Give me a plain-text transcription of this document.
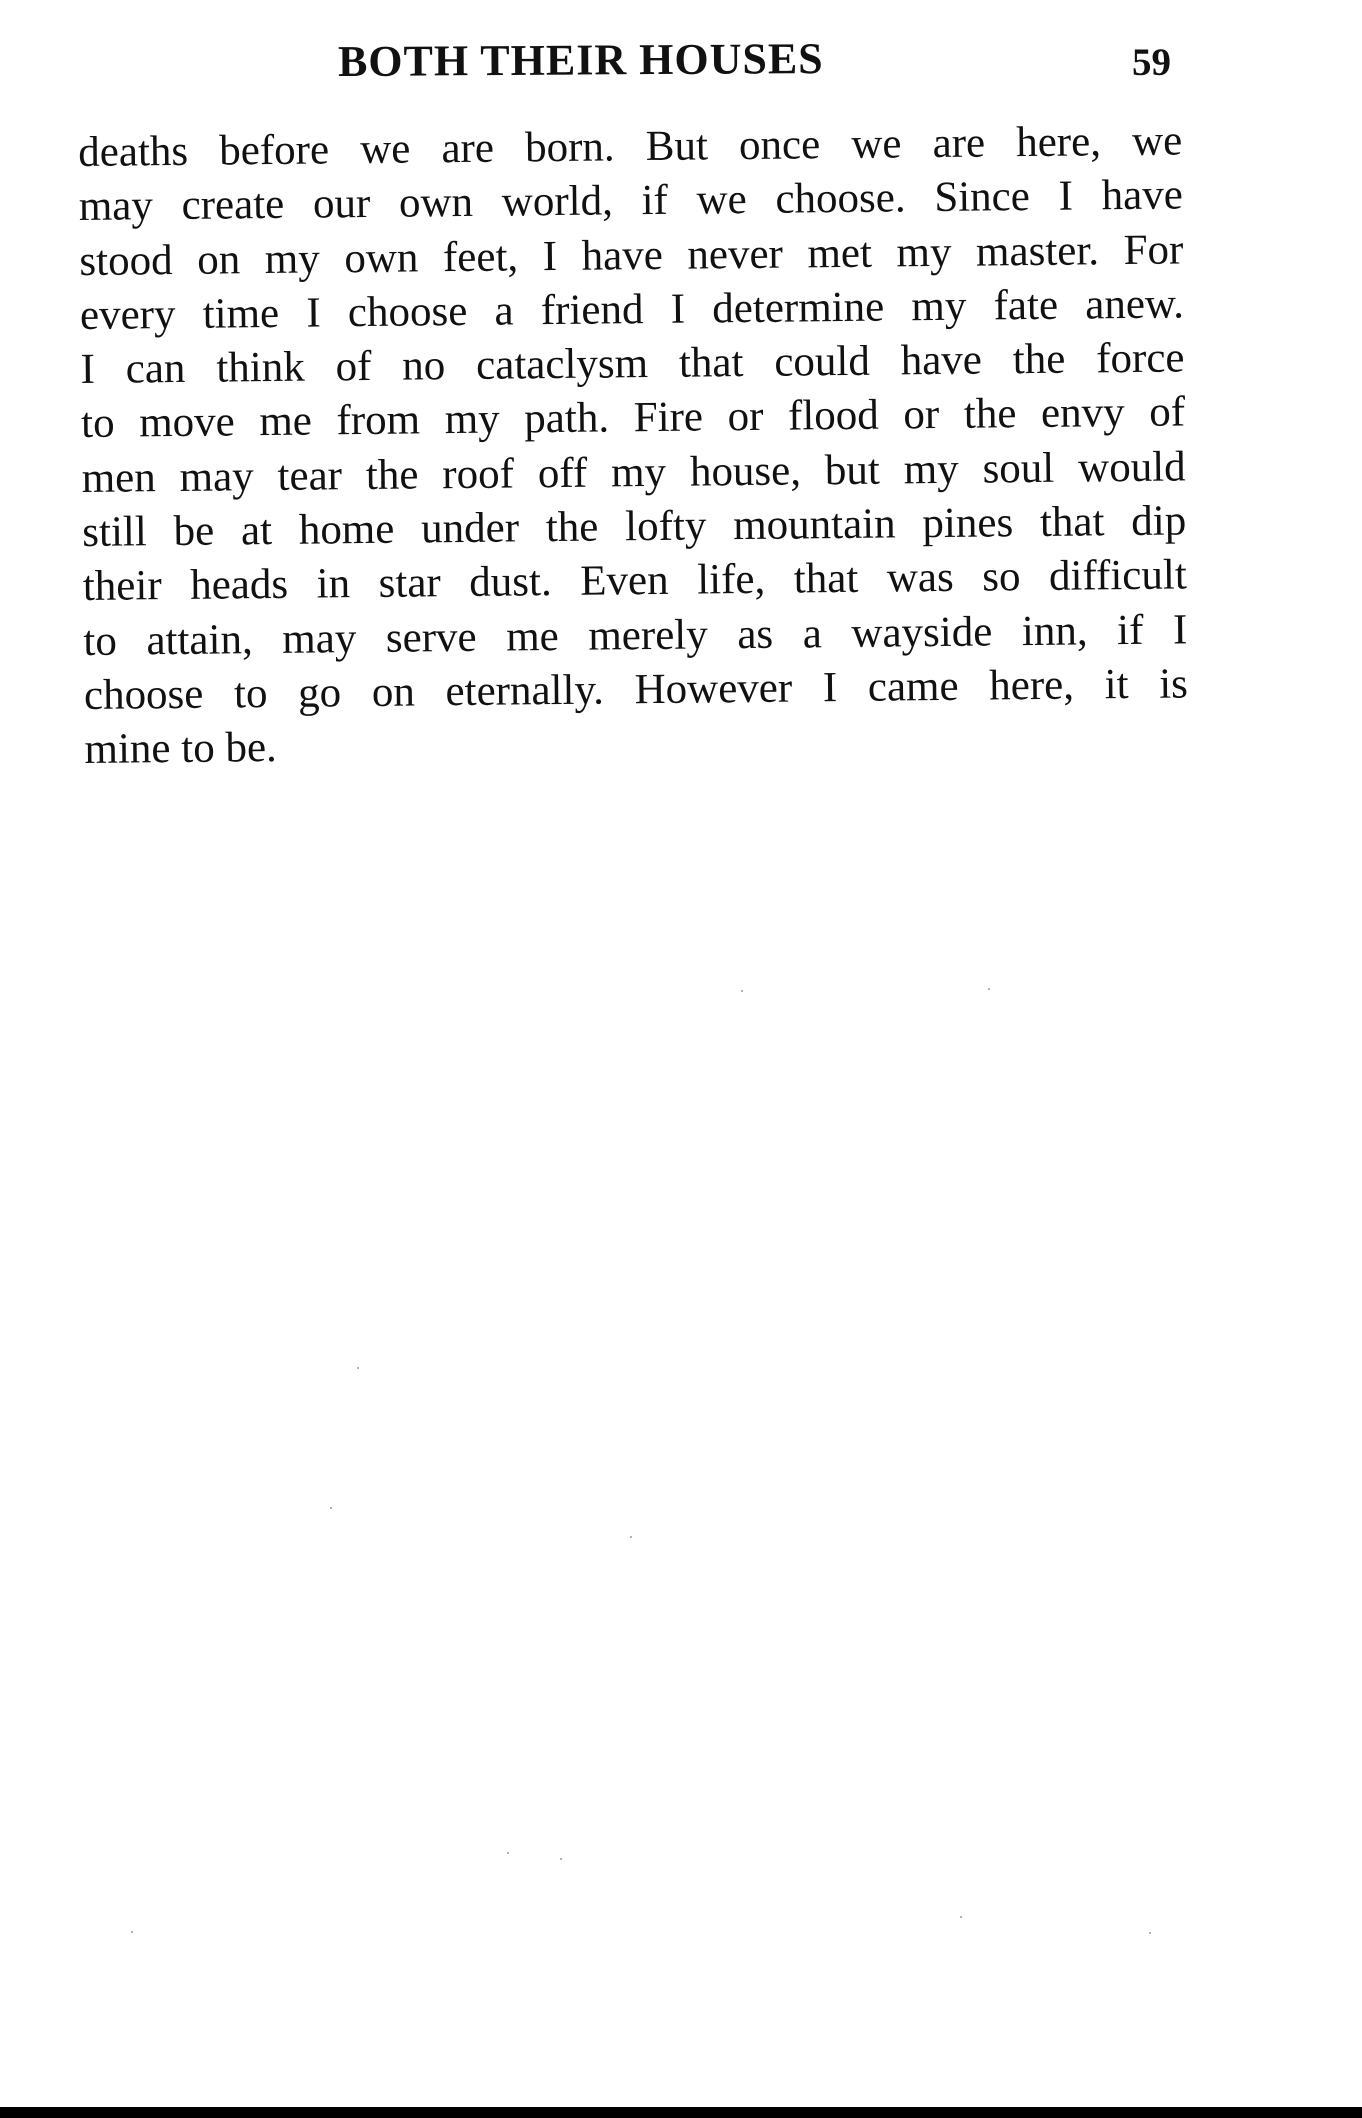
BOTH THEIR HOUSES	59
deaths before we are born. But once we are here, we
may create our own world, if we choose. Since I have
stood on my own feet, I have never met my master. For
every time I choose a friend I determine my fate anew.
I can think of no cataclysm that could have the force
to move me from my path. Fire or flood or the envy of
men may tear the roof off my house, but my soul would
still be at home under the lofty mountain pines that dip
their heads in star dust. Even life, that was so difficult
to attain, may serve me merely as a wayside inn, if I
choose to go on eternally. However I came here, it is
mine to be.
